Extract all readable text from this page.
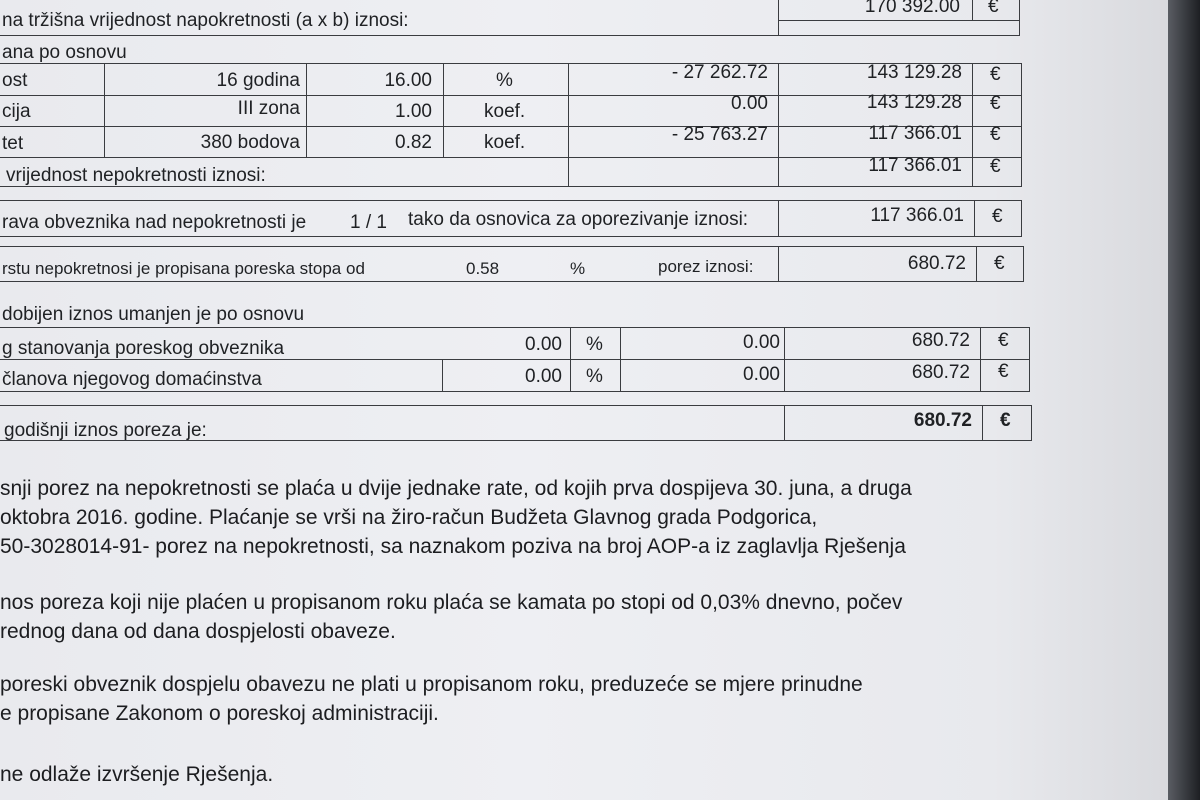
na tržišna vrijednost napokretnosti (a x b) iznosi:
170 392.00 €
ana po osnovu
ost	16 godina	16.00	%	- 27 262.72	143 129.28 €
cija	III zona	1.00	koef.	0.00	143 129.28 €
tet	380 bodova	0.82	koef.	- 25 763.27	117 366.01 €
vrijednost nepokretnosti iznosi:	117 366.01 €
rava obveznika nad nepokretnosti je 1 / 1 tako da osnovica za oporezivanje iznosi:	117 366.01 €
rstu nepokretnosi je propisana poreska stopa od	0.58	%	porez iznosi:	680.72 €
dobijen iznos umanjen je po osnovu
g stanovanja poreskog obveznika	0.00 %	0.00	680.72 €
članova njegovog domaćinstva	0.00 %	0.00	680.72 €
godišnji iznos poreza je:	680.72 €
snji porez na nepokretnosti se plaća u dvije jednake rate, od kojih prva dospijeva 30. juna, a druga
oktobra 2016. godine. Plaćanje se vrši na žiro-račun Budžeta Glavnog grada Podgorica,
50-3028014-91- porez na nepokretnosti, sa naznakom poziva na broj AOP-a iz zaglavlja Rješenja
nos poreza koji nije plaćen u propisanom roku plaća se kamata po stopi od 0,03% dnevno, počev
rednog dana od dana dospjelosti obaveze.
poreski obveznik dospjelu obavezu ne plati u propisanom roku, preduzeće se mjere prinudne
e propisane Zakonom o poreskoj administraciji.
ne odlaže izvršenje Rješenja.
